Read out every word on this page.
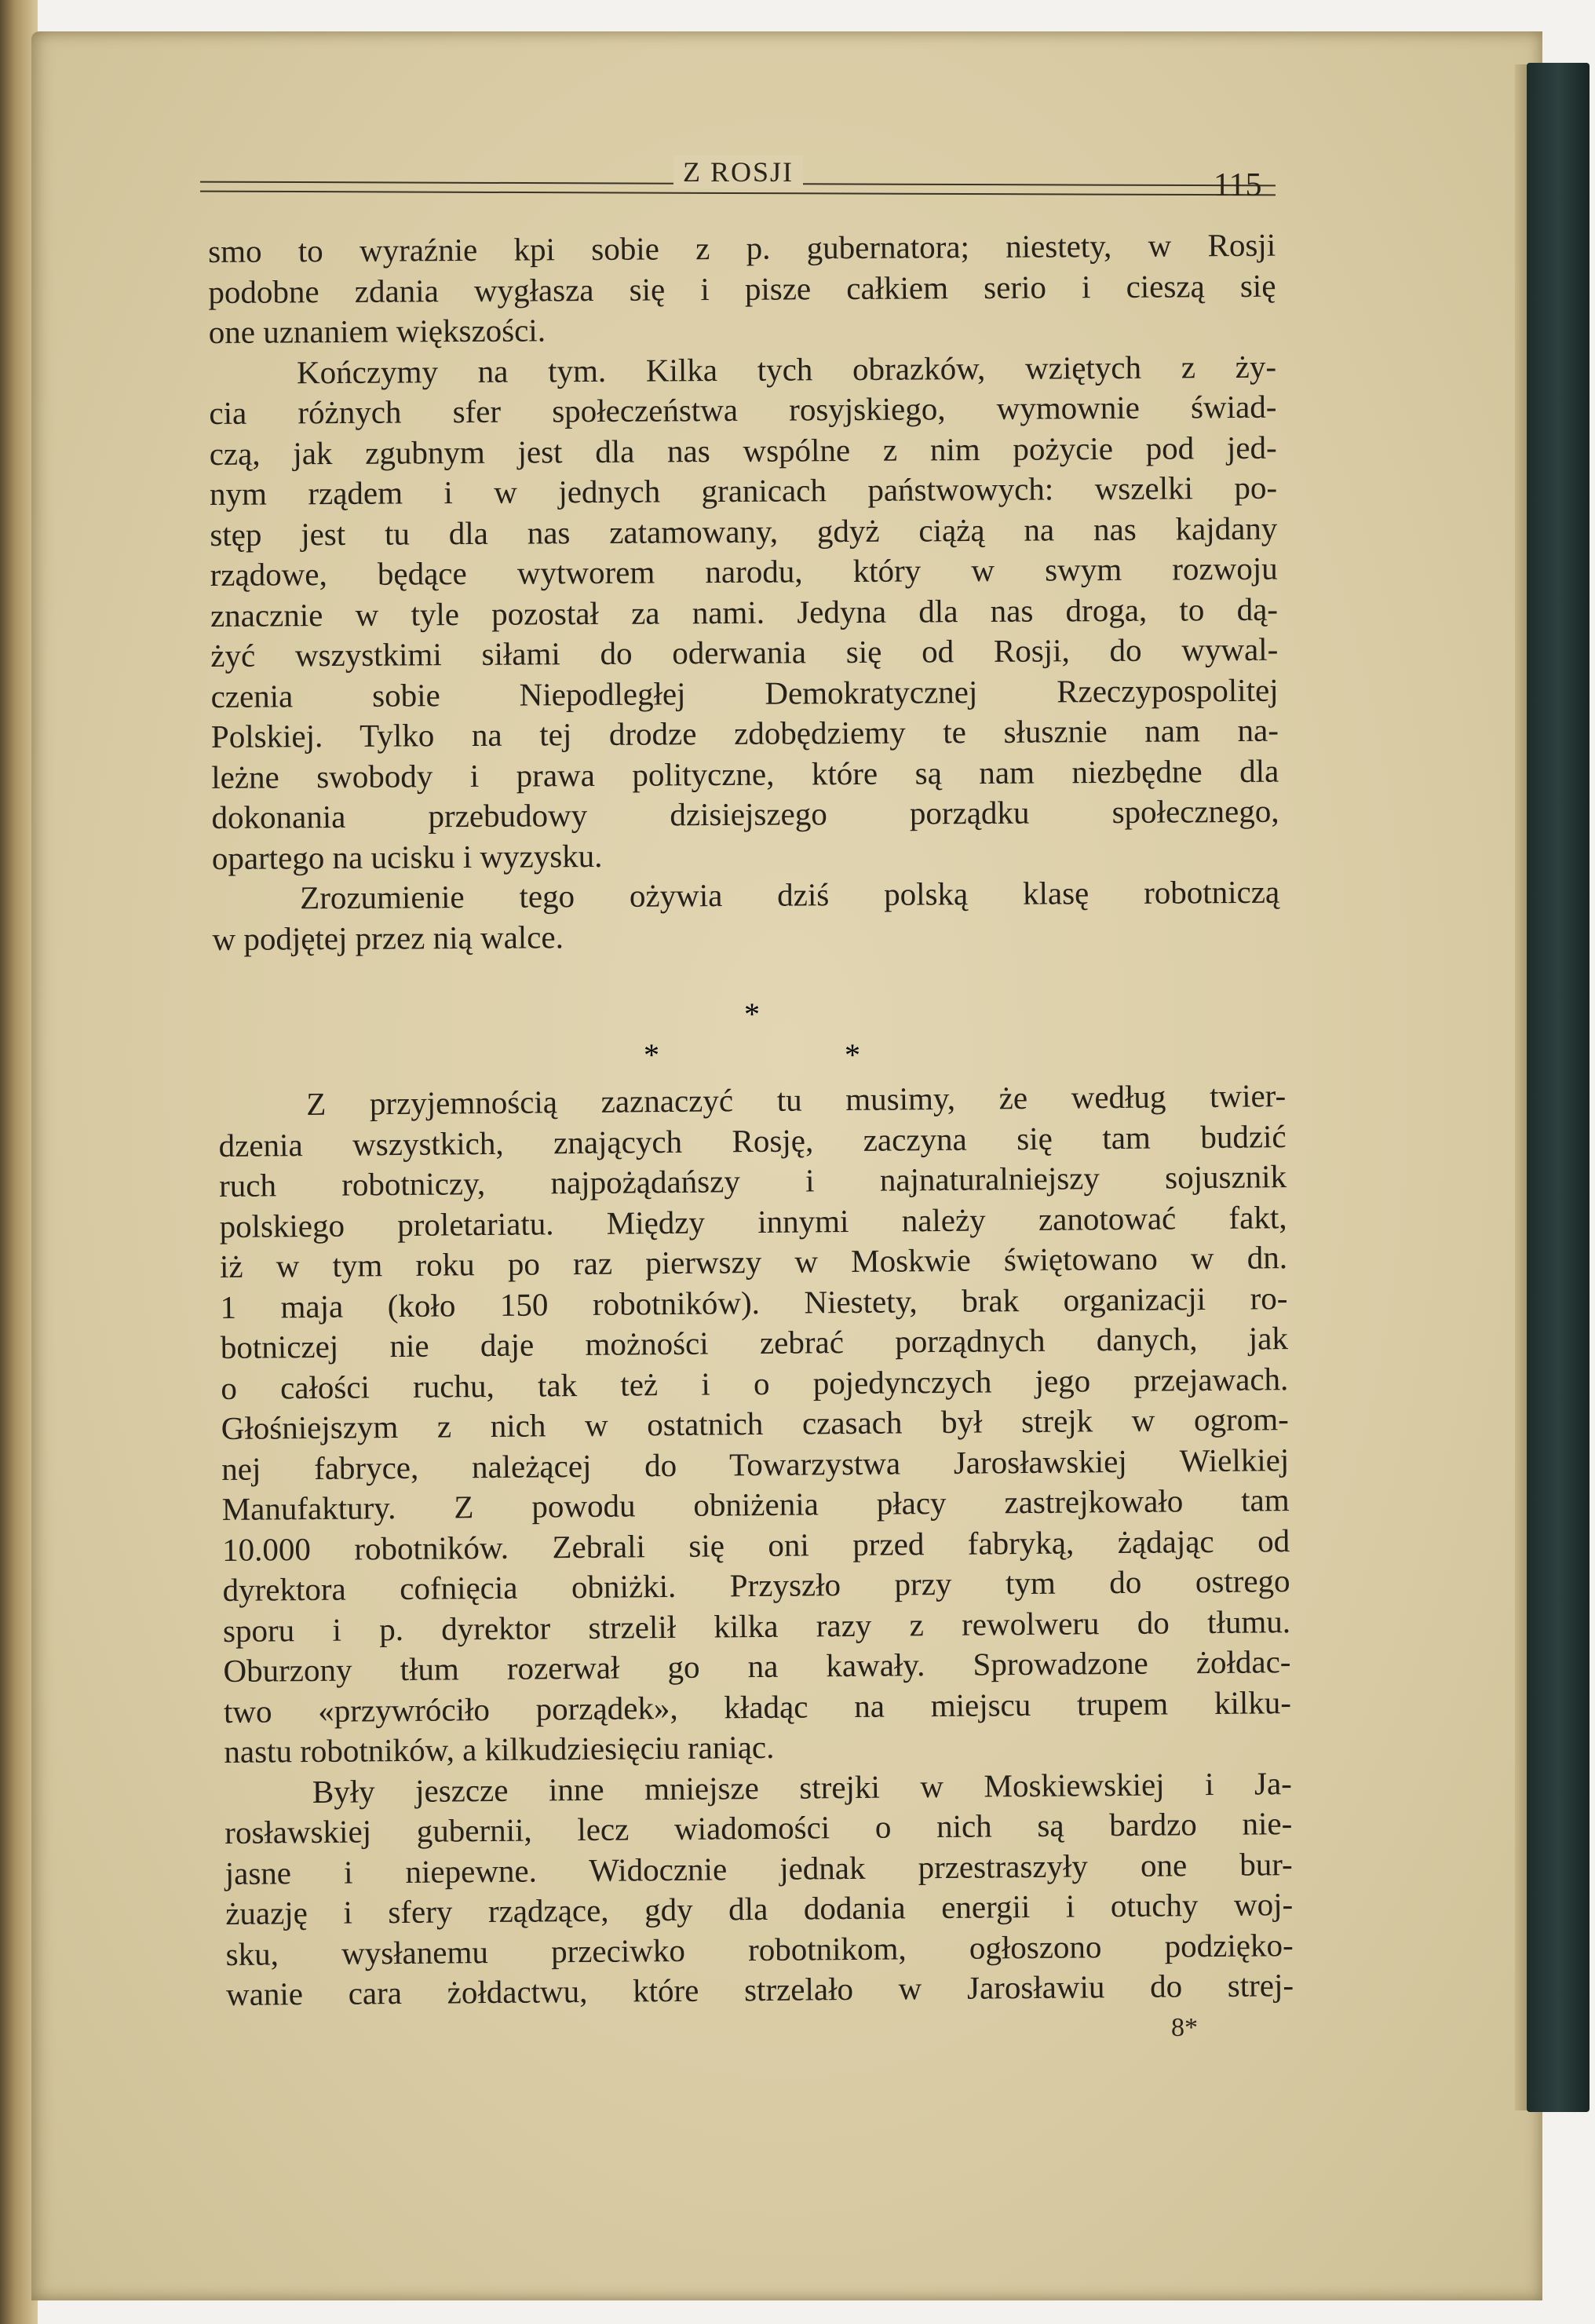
Z ROSJI	115
smo to wyraźnie kpi sobie z p. gubernatora; niestety, w Rosji
podobne zdania wygłasza się i pisze całkiem serio i cieszą się
one uznaniem większości.
Kończymy na tym. Kilka tych obrazków, wziętych z ży-
cia różnych sfer społeczeństwa rosyjskiego, wymownie świad-
czą, jak zgubnym jest dla nas wspólne z nim pożycie pod jed-
nym rządem i w jednych granicach państwowych: wszelki po-
stęp jest tu dla nas zatamowany, gdyż ciążą na nas kajdany
rządowe, będące wytworem narodu, który w swym rozwoju
znacznie w tyle pozostał za nami. Jedyna dla nas droga, to dą-
żyć wszystkimi siłami do oderwania się od Rosji, do wywal-
czenia sobie Niepodległej Demokratycznej Rzeczypospolitej
Polskiej. Tylko na tej drodze zdobędziemy te słusznie nam na-
leżne swobody i prawa polityczne, które są nam niezbędne dla
dokonania przebudowy dzisiejszego porządku społecznego,
opartego na ucisku i wyzysku.
Zrozumienie tego ożywia dziś polską klasę robotniczą
w podjętej przez nią walce.
*
*	*
Z przyjemnością zaznaczyć tu musimy, że według twier-
dzenia wszystkich, znających Rosję, zaczyna się tam budzić
ruch robotniczy, najpożądańszy i najnaturalniejszy sojusznik
polskiego proletariatu. Między innymi należy zanotować fakt,
iż w tym roku po raz pierwszy w Moskwie świętowano w dn.
1 maja (koło 150 robotników). Niestety, brak organizacji ro-
botniczej nie daje możności zebrać porządnych danych, jak
o całości ruchu, tak też i o pojedynczych jego przejawach.
Głośniejszym z nich w ostatnich czasach był strejk w ogrom-
nej fabryce, należącej do Towarzystwa Jarosławskiej Wielkiej
Manufaktury. Z powodu obniżenia płacy zastrejkowało tam
10.000 robotników. Zebrali się oni przed fabryką, żądając od
dyrektora cofnięcia obniżki. Przyszło przy tym do ostrego
sporu i p. dyrektor strzelił kilka razy z rewolweru do tłumu.
Oburzony tłum rozerwał go na kawały. Sprowadzone żołdac-
two «przywróciło porządek», kładąc na miejscu trupem kilku-
nastu robotników, a kilkudziesięciu raniąc.
Były jeszcze inne mniejsze strejki w Moskiewskiej i Ja-
rosławskiej gubernii, lecz wiadomości o nich są bardzo nie-
jasne i niepewne. Widocznie jednak przestraszyły one bur-
żuazję i sfery rządzące, gdy dla dodania energii i otuchy woj-
sku, wysłanemu przeciwko robotnikom, ogłoszono podzięko-
wanie cara żołdactwu, które strzelało w Jarosławiu do strej-
8*
